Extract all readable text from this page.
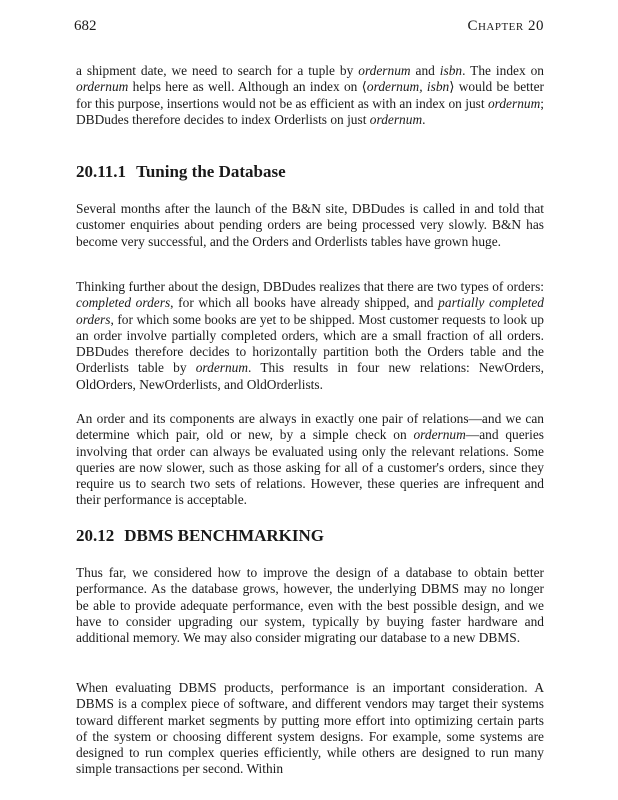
682	Chapter 20

a shipment date, we need to search for a tuple by ordernum and isbn. The index on ordernum helps here as well. Although an index on ⟨ordernum, isbn⟩ would be better for this purpose, insertions would not be as efficient as with an index on just ordernum; DBDudes therefore decides to index Orderlists on just ordernum.

20.11.1 Tuning the Database

Several months after the launch of the B&N site, DBDudes is called in and told that customer enquiries about pending orders are being processed very slowly. B&N has become very successful, and the Orders and Orderlists tables have grown huge.

Thinking further about the design, DBDudes realizes that there are two types of orders: completed orders, for which all books have already shipped, and partially completed orders, for which some books are yet to be shipped. Most customer requests to look up an order involve partially completed orders, which are a small fraction of all orders. DBDudes therefore decides to horizontally partition both the Orders table and the Orderlists table by ordernum. This results in four new relations: NewOrders, OldOrders, NewOrderlists, and OldOrderlists.

An order and its components are always in exactly one pair of relations—and we can determine which pair, old or new, by a simple check on ordernum—and queries involving that order can always be evaluated using only the relevant relations. Some queries are now slower, such as those asking for all of a customer's orders, since they require us to search two sets of relations. However, these queries are infrequent and their performance is acceptable.

20.12 DBMS BENCHMARKING

Thus far, we considered how to improve the design of a database to obtain better performance. As the database grows, however, the underlying DBMS may no longer be able to provide adequate performance, even with the best possible design, and we have to consider upgrading our system, typically by buying faster hardware and additional memory. We may also consider migrating our database to a new DBMS.

When evaluating DBMS products, performance is an important consideration. A DBMS is a complex piece of software, and different vendors may target their systems toward different market segments by putting more effort into optimizing certain parts of the system or choosing different system designs. For example, some systems are designed to run complex queries efficiently, while others are designed to run many simple transactions per second. Within
